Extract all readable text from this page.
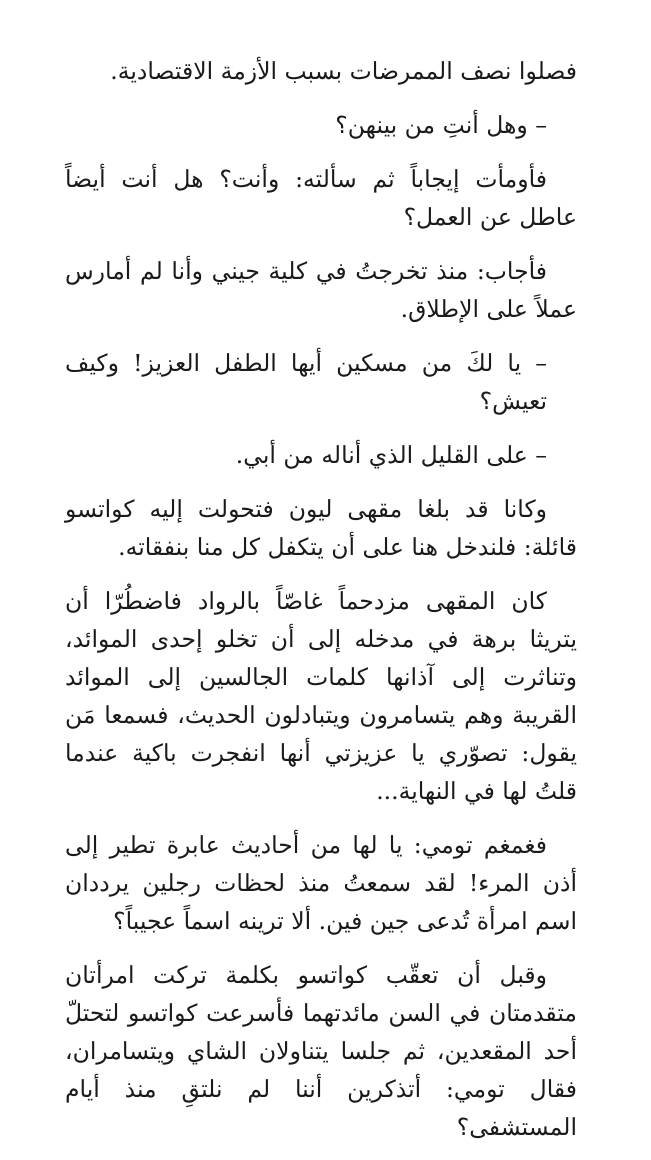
فصلوا نصف الممرضات بسبب الأزمة الاقتصادية.

– وهل أنتِ من بينهن؟

فأومأت إيجاباً ثم سألته: وأنت؟ هل أنت أيضاً عاطل عن العمل؟

فأجاب: منذ تخرجتُ في كلية جيني وأنا لم أمارس عملاً على الإطلاق.

– يا لكَ من مسكين أيها الطفل العزيز! وكيف تعيش؟

– على القليل الذي أناله من أبي.

وكانا قد بلغا مقهى ليون فتحولت إليه كواتسو قائلة: فلندخل هنا على أن يتكفل كل منا بنفقاته.

كان المقهى مزدحماً غاصّاً بالرواد فاضطُرّا أن يتريثا برهة في مدخله إلى أن تخلو إحدى الموائد، وتناثرت إلى آذانها كلمات الجالسين إلى الموائد القريبة وهم يتسامرون ويتبادلون الحديث، فسمعا مَن يقول: تصوّري يا عزيزتي أنها انفجرت باكية عندما قلتُ لها في النهاية...

فغمغم تومي: يا لها من أحاديث عابرة تطير إلى أذن المرء! لقد سمعتُ منذ لحظات رجلين يرددان اسم امرأة تُدعى جين فين. ألا ترينه اسماً عجيباً؟

وقبل أن تعقّب كواتسو بكلمة تركت امرأتان متقدمتان في السن مائدتهما فأسرعت كواتسو لتحتلّ أحد المقعدين، ثم جلسا يتناولان الشاي ويتسامران، فقال تومي: أتذكرين أننا لم نلتقِ منذ أيام المستشفى؟
